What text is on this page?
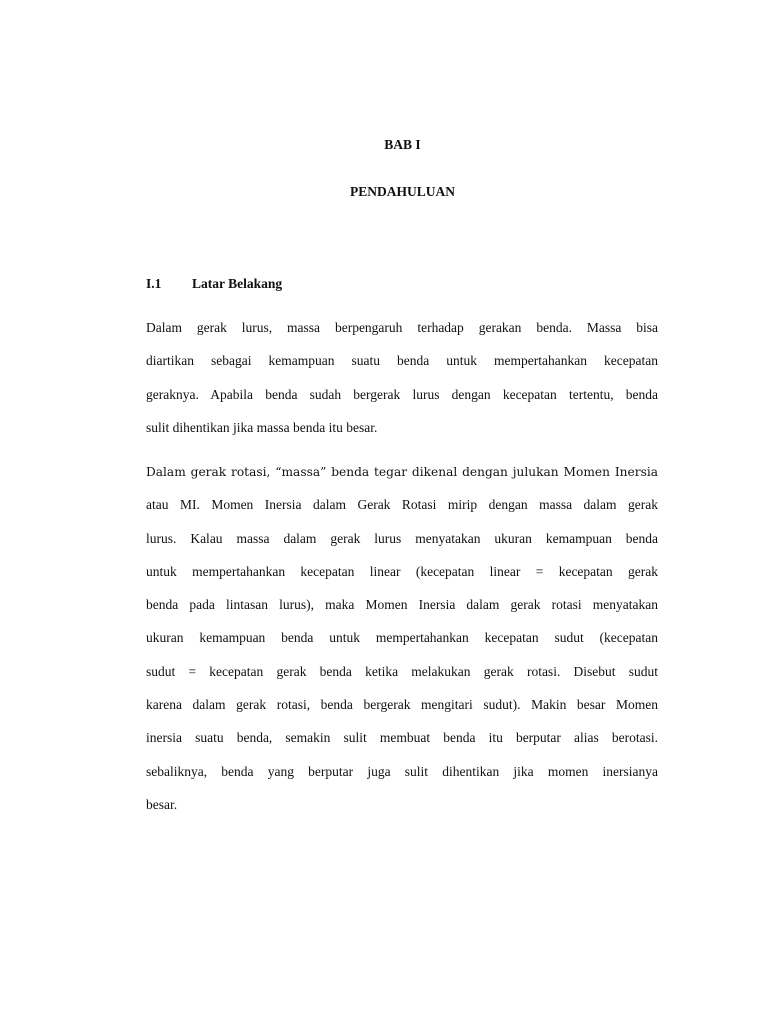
BAB I
PENDAHULUAN
I.1 Latar Belakang
Dalam gerak lurus, massa berpengaruh terhadap gerakan benda. Massa bisa
diartikan sebagai kemampuan suatu benda untuk mempertahankan kecepatan
geraknya. Apabila benda sudah bergerak lurus dengan kecepatan tertentu, benda
sulit dihentikan jika massa benda itu besar.
Dalam gerak rotasi, “massa” benda tegar dikenal dengan julukan Momen Inersia
atau MI. Momen Inersia dalam Gerak Rotasi mirip dengan massa dalam gerak
lurus. Kalau massa dalam gerak lurus menyatakan ukuran kemampuan benda
untuk mempertahankan kecepatan linear (kecepatan linear = kecepatan gerak
benda pada lintasan lurus), maka Momen Inersia dalam gerak rotasi menyatakan
ukuran kemampuan benda untuk mempertahankan kecepatan sudut (kecepatan
sudut = kecepatan gerak benda ketika melakukan gerak rotasi. Disebut sudut
karena dalam gerak rotasi, benda bergerak mengitari sudut). Makin besar Momen
inersia suatu benda, semakin sulit membuat benda itu berputar alias berotasi.
sebaliknya, benda yang berputar juga sulit dihentikan jika momen inersianya
besar.
